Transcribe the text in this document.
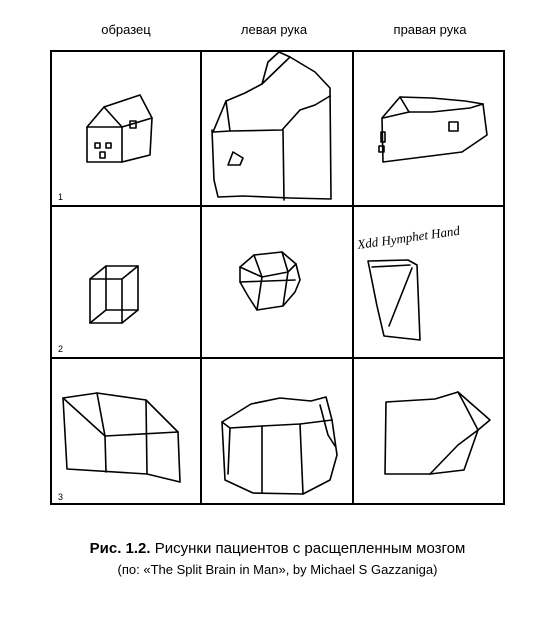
образец	левая рука	правая рука
1
2
3
Xdd Hymphet Hand
Рис. 1.2. Рисунки пациентов с расщепленным мозгом
(по: «The Split Brain in Man», by Michael S Gazzaniga)
